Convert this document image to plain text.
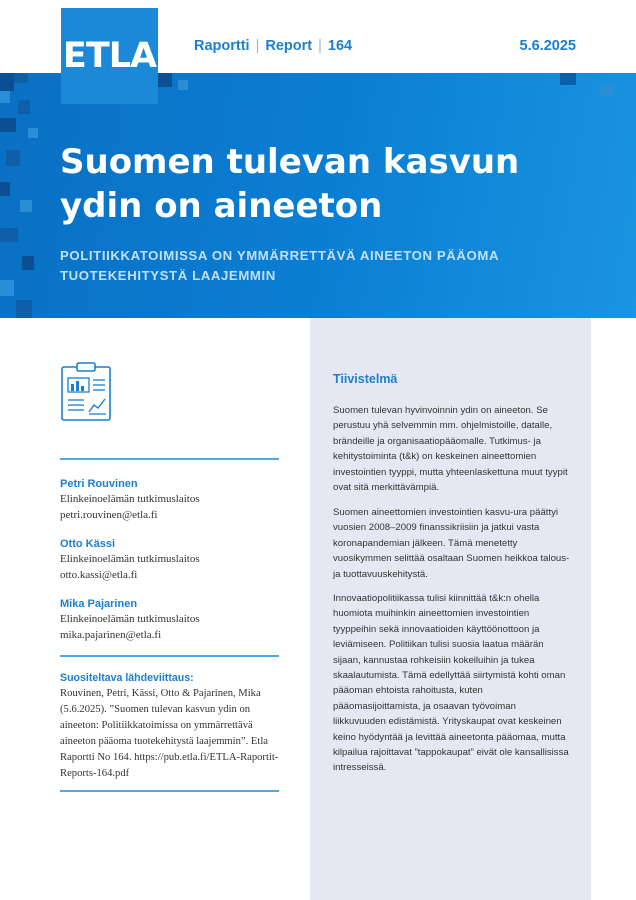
Suomen tulevan kasvun ydin on aineeton
POLITIIKKATOIMISSA ON YMMÄRRETTÄVÄ AINEETON PÄÄOMA TUOTEKEHITYSTÄ LAAJEMMIN
ETLA	Raportti | Report | 164	5.6.2025
Petri Rouvinen
Elinkeinoelämän tutkimuslaitos
petri.rouvinen@etla.fi
Otto Kässi
Elinkeinoelämän tutkimuslaitos
otto.kassi@etla.fi
Mika Pajarinen
Elinkeinoelämän tutkimuslaitos
mika.pajarinen@etla.fi
Suositeltava lähdeviittaus:
Rouvinen, Petri, Kässi, Otto & Pajarinen, Mika (5.6.2025). ”Suomen tulevan kasvun ydin on aineeton: Politiikkatoimissa on ymmärrettävä aineeton pääoma tuotekehitystä laajemmin”. Etla Raportti No 164. https://pub.etla.fi/ETLA-Raportit-Reports-164.pdf
Tiivistelmä
Suomen tulevan hyvinvoinnin ydin on aineeton. Se perustuu yhä selvemmin mm. ohjelmistoille, datalle, brändeille ja organisaatiopääomalle. Tutkimus- ja kehitystoiminta (t&k) on keskeinen aineettomien investointien tyyppi, mutta yhteenlaskettuna muut tyypit ovat sitä merkittävämpiä.
Suomen aineettomien investointien kasvu-ura päättyi vuosien 2008–2009 finanssikriisiin ja jatkui vasta koronapandemian jälkeen. Tämä menetetty vuosikymmen selittää osaltaan Suomen heikkoa talous- ja tuottavuuskehitystä.
Innovaatiopolitiikassa tulisi kiinnittää t&k:n ohella huomiota muihinkin aineettomien investointien tyyppeihin sekä innovaatioiden käyttöönottoon ja leviämiseen. Politiikan tulisi suosia laatua määrän sijaan, kannustaa rohkeisiin kokeiluihin ja tukea skaalautumista. Tämä edellyttää siirtymistä kohti oman pääoman ehtoista rahoitusta, kuten pääomasijoittamista, ja osaavan työvoiman liikkuvuuden edistämistä. Yrityskaupat ovat keskeinen keino hyödyntää ja levittää aineetonta pääomaa, mutta kilpailua rajoittavat ”tappokaupat” eivät ole kansallisissa intresseissä.
